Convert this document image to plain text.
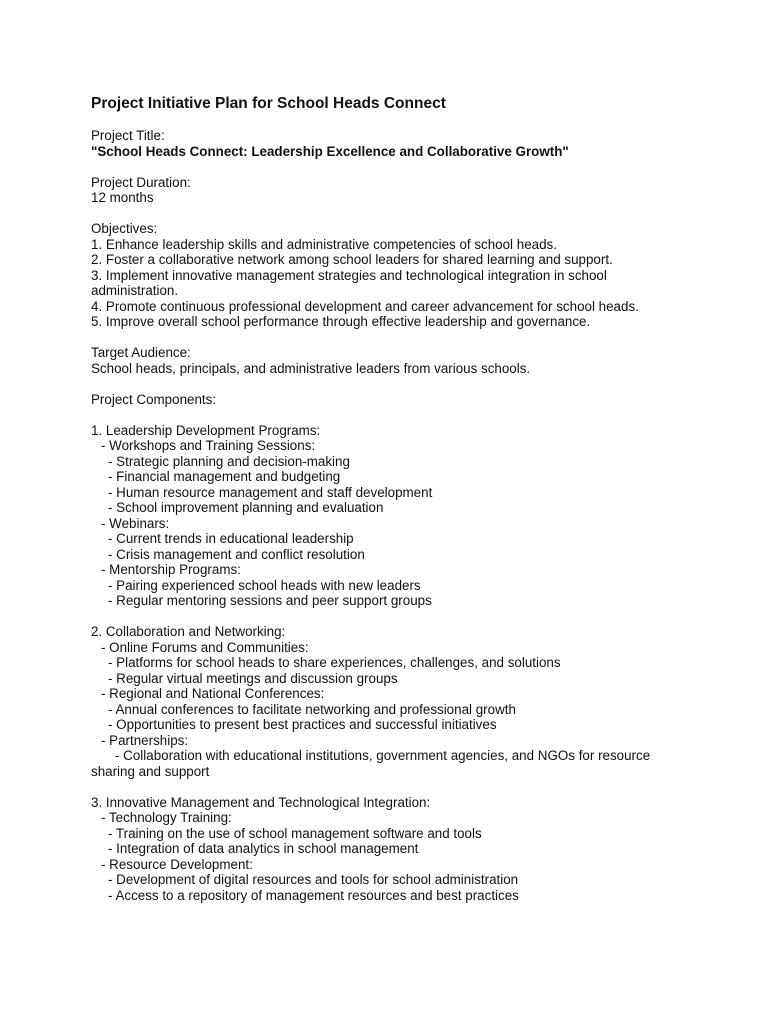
Project Initiative Plan for School Heads Connect
Project Title:
"School Heads Connect: Leadership Excellence and Collaborative Growth"
Project Duration:
12 months
Objectives:
1. Enhance leadership skills and administrative competencies of school heads.
2. Foster a collaborative network among school leaders for shared learning and support.
3. Implement innovative management strategies and technological integration in school
administration.
4. Promote continuous professional development and career advancement for school heads.
5. Improve overall school performance through effective leadership and governance.
Target Audience:
School heads, principals, and administrative leaders from various schools.
Project Components:
1. Leadership Development Programs:
- Workshops and Training Sessions:
- Strategic planning and decision-making
- Financial management and budgeting
- Human resource management and staff development
- School improvement planning and evaluation
- Webinars:
- Current trends in educational leadership
- Crisis management and conflict resolution
- Mentorship Programs:
- Pairing experienced school heads with new leaders
- Regular mentoring sessions and peer support groups
2. Collaboration and Networking:
- Online Forums and Communities:
- Platforms for school heads to share experiences, challenges, and solutions
- Regular virtual meetings and discussion groups
- Regional and National Conferences:
- Annual conferences to facilitate networking and professional growth
- Opportunities to present best practices and successful initiatives
- Partnerships:
- Collaboration with educational institutions, government agencies, and NGOs for resource
sharing and support
3. Innovative Management and Technological Integration:
- Technology Training:
- Training on the use of school management software and tools
- Integration of data analytics in school management
- Resource Development:
- Development of digital resources and tools for school administration
- Access to a repository of management resources and best practices
